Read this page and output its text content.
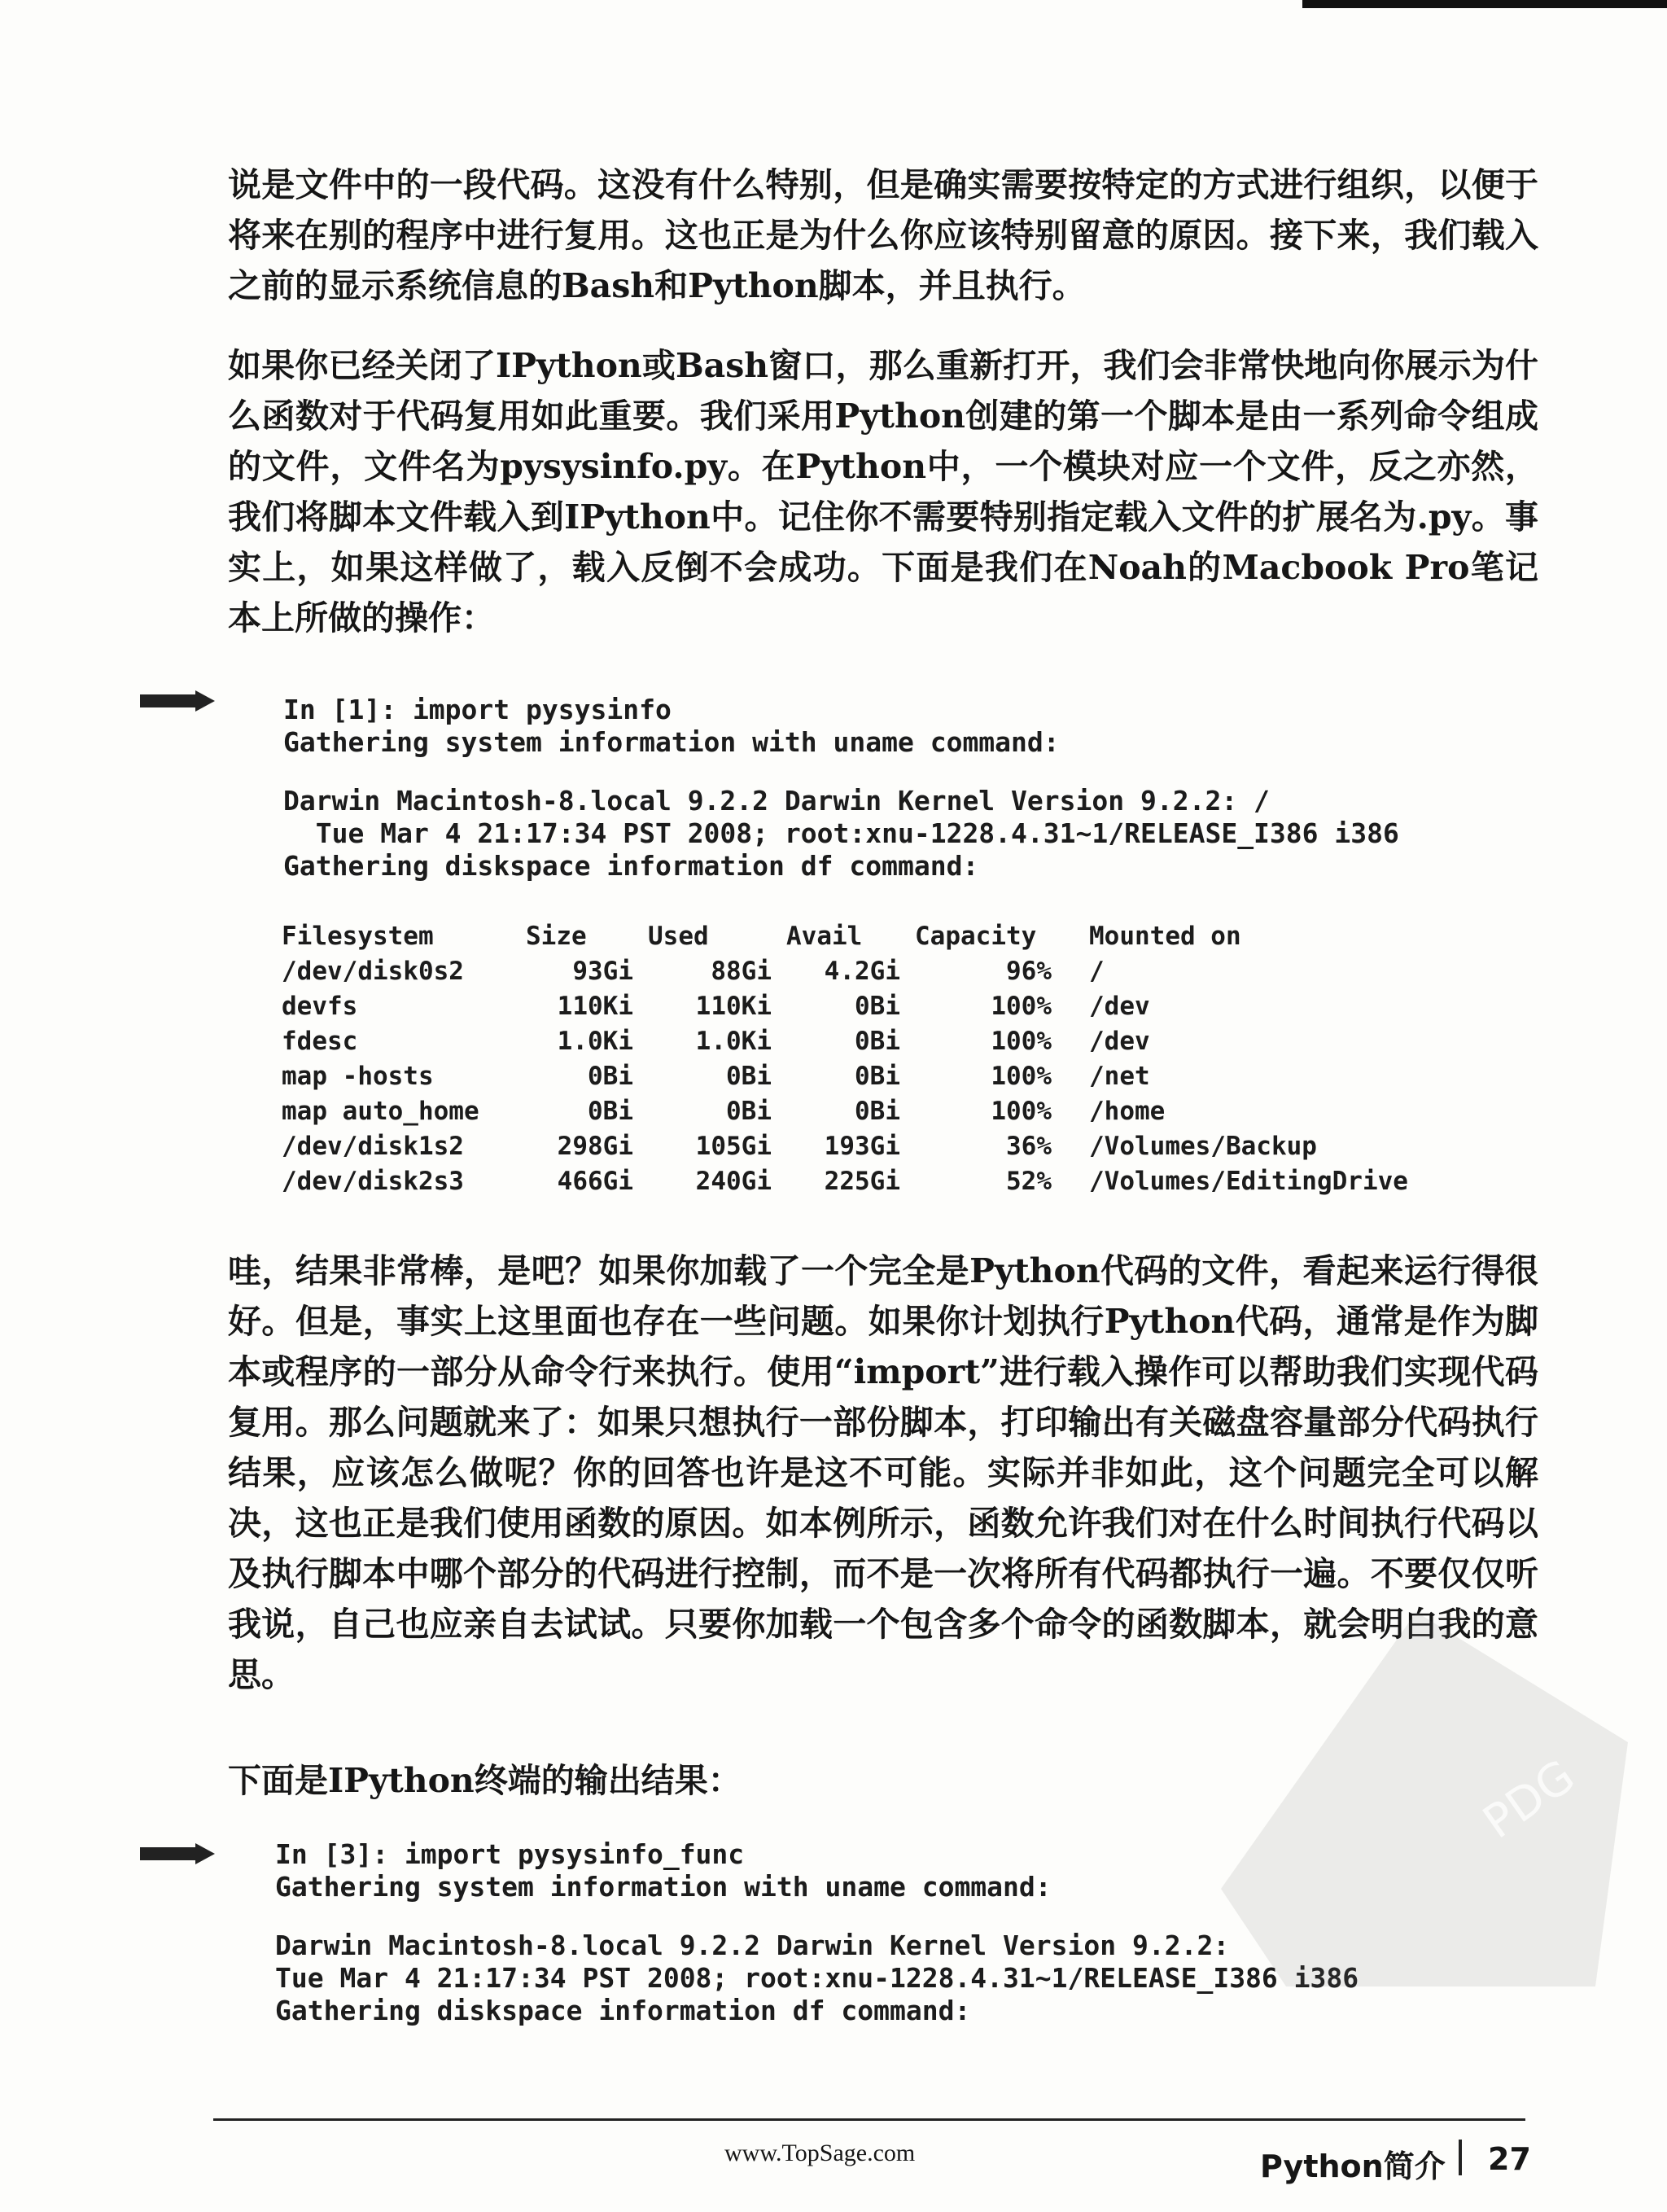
说是文件中的一段代码。这没有什么特别，但是确实需要按特定的方式进行组织，以便于将来在别的程序中进行复用。这也正是为什么你应该特别留意的原因。接下来，我们载入之前的显示系统信息的Bash和Python脚本，并且执行。

如果你已经关闭了IPython或Bash窗口，那么重新打开，我们会非常快地向你展示为什么函数对于代码复用如此重要。我们采用Python创建的第一个脚本是由一系列命令组成的文件，文件名为pysysinfo.py。在Python中，一个模块对应一个文件，反之亦然，我们将脚本文件载入到IPython中。记住你不需要特别指定载入文件的扩展名为.py。事实上，如果这样做了，载入反倒不会成功。下面是我们在Noah的Macbook Pro笔记本上所做的操作：

In [1]: import pysysinfo
Gathering system information with uname command:
Darwin Macintosh-8.local 9.2.2 Darwin Kernel Version 9.2.2: /
Tue Mar 4 21:17:34 PST 2008; root:xnu-1228.4.31~1/RELEASE_I386 i386
Gathering diskspace information df command:
Filesystem	Size	Used	Avail	Capacity	Mounted on
/dev/disk0s2	93Gi	88Gi	4.2Gi	96%	/
devfs	110Ki	110Ki	0Bi	100%	/dev
fdesc	1.0Ki	1.0Ki	0Bi	100%	/dev
map -hosts	0Bi	0Bi	0Bi	100%	/net
map auto_home	0Bi	0Bi	0Bi	100%	/home
/dev/disk1s2	298Gi	105Gi	193Gi	36%	/Volumes/Backup
/dev/disk2s3	466Gi	240Gi	225Gi	52%	/Volumes/EditingDrive

哇，结果非常棒，是吧？如果你加载了一个完全是Python代码的文件，看起来运行得很好。但是，事实上这里面也存在一些问题。如果你计划执行Python代码，通常是作为脚本或程序的一部分从命令行来执行。使用“import”进行载入操作可以帮助我们实现代码复用。那么问题就来了：如果只想执行一部份脚本，打印输出有关磁盘容量部分代码执行结果，应该怎么做呢？你的回答也许是这不可能。实际并非如此，这个问题完全可以解决，这也正是我们使用函数的原因。如本例所示，函数允许我们对在什么时间执行代码以及执行脚本中哪个部分的代码进行控制，而不是一次将所有代码都执行一遍。不要仅仅听我说，自己也应亲自去试试。只要你加载一个包含多个命令的函数脚本，就会明白我的意思。

下面是IPython终端的输出结果：

In [3]: import pysysinfo_func
Gathering system information with uname command:
Darwin Macintosh-8.local 9.2.2 Darwin Kernel Version 9.2.2:
Tue Mar 4 21:17:34 PST 2008; root:xnu-1228.4.31~1/RELEASE_I386 i386
Gathering diskspace information df command:
PDG
www.TopSage.com	Python简介 27
